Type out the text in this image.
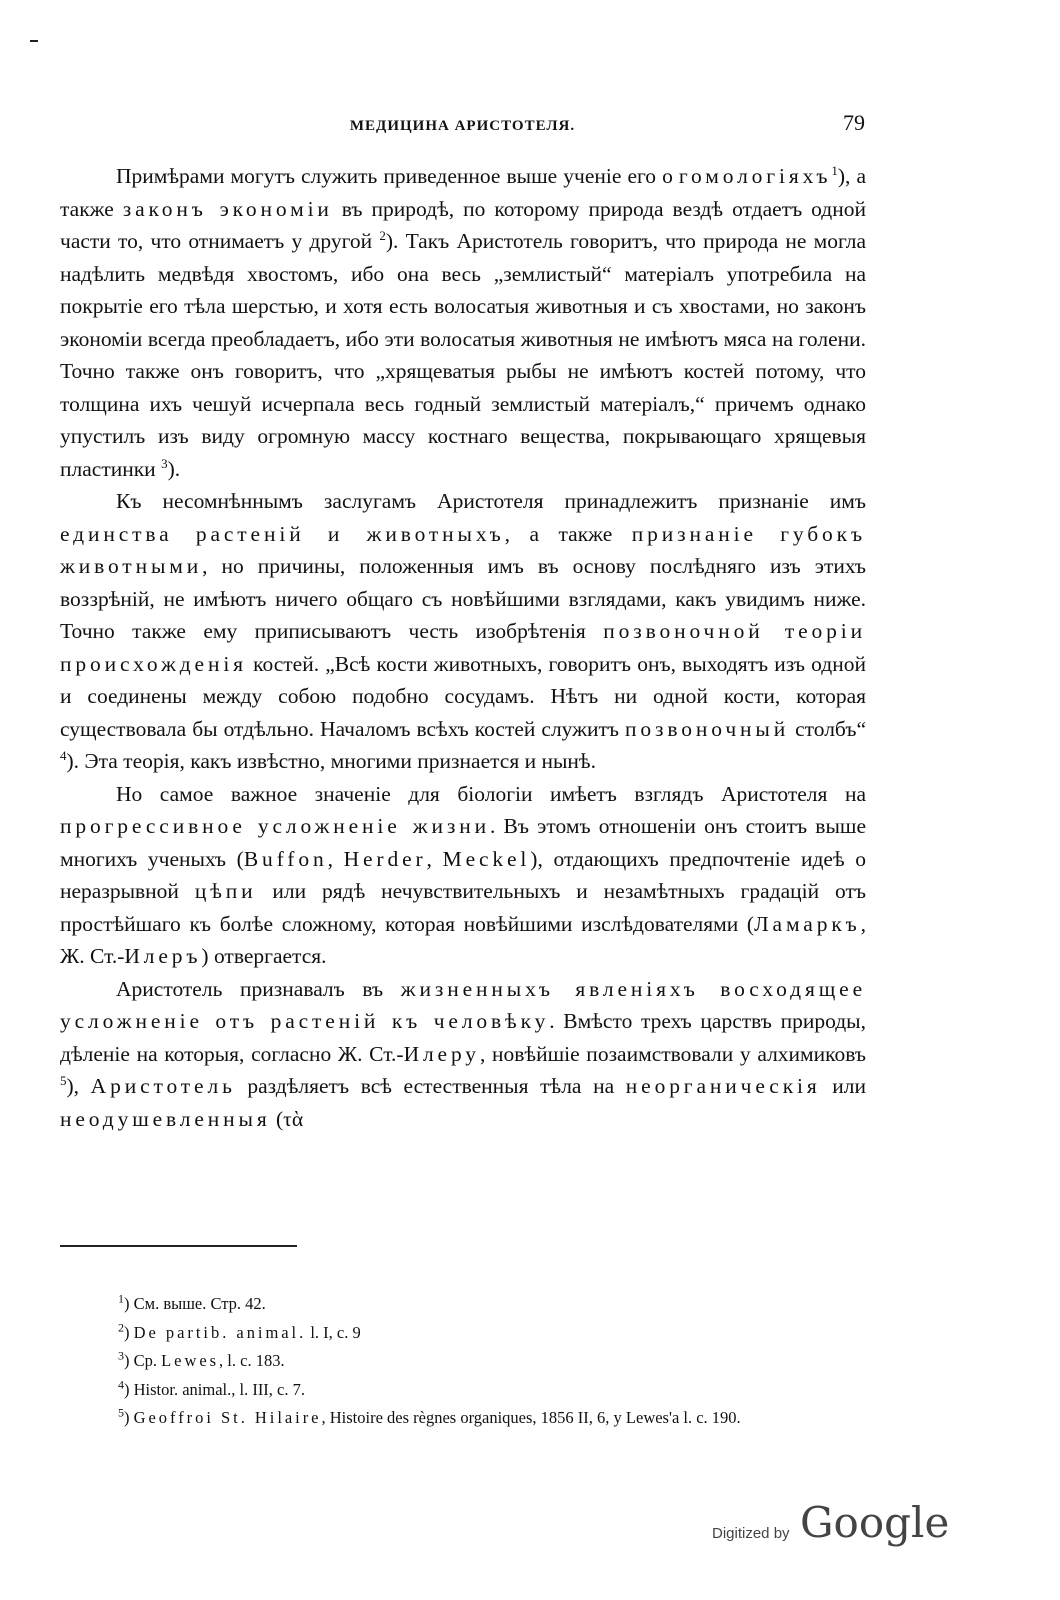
МЕДИЦИНА АРИСТОТЕЛЯ.	79

Примѣрами могутъ служить приведенное выше ученіе его о гомологіяхъ$^1$), а также законъ экономіи въ природѣ, по которому природа вездѣ отдаетъ одной части то, что отнимаетъ у другой $^2$). Такъ Аристотель говоритъ, что природа не могла надѣлить медвѣдя хвостомъ, ибо она весь „землистый“ матеріалъ употребила на покрытіе его тѣла шерстью, и хотя есть волосатыя животныя и съ хвостами, но законъ экономіи всегда преобладаетъ, ибо эти волосатыя животныя не имѣютъ мяса на голени. Точно также онъ говоритъ, что „хрящеватыя рыбы не имѣютъ костей потому, что толщина ихъ чешуй исчерпала весь годный землистый матеріалъ,“ причемъ однако упустилъ изъ виду огромную массу костнаго вещества, покрывающаго хрящевыя пластинки $^3$).

Къ несомнѣннымъ заслугамъ Аристотеля принадлежитъ признаніе имъ единства растеній и животныхъ, а также признаніе губокъ животными, но причины, положенныя имъ въ основу послѣдняго изъ этихъ воззрѣній, не имѣютъ ничего общаго съ новѣйшими взглядами, какъ увидимъ ниже. Точно также ему приписываютъ честь изобрѣтенія позвоночной теоріи происхожденія костей. „Всѣ кости животныхъ, говоритъ онъ, выходятъ изъ одной и соединены между собою подобно сосудамъ. Нѣтъ ни одной кости, которая существовала бы отдѣльно. Началомъ всѣхъ костей служитъ позвоночный столбъ“ $^4$). Эта теорія, какъ извѣстно, многими признается и нынѣ.

Но самое важное значеніе для біологіи имѣетъ взглядъ Аристотеля на прогрессивное усложненіе жизни. Въ этомъ отношеніи онъ стоитъ выше многихъ ученыхъ (Buffon, Herder, Meckel), отдающихъ предпочтеніе идеѣ о неразрывной цѣпи или рядѣ нечувствительныхъ и незамѣтныхъ градацій отъ простѣйшаго къ болѣе сложному, которая новѣйшими изслѣдователями (Ламаркъ, Ж. Ст.-Илеръ) отвергается.

Аристотель признавалъ въ жизненныхъ явленіяхъ восходящее усложненіе отъ растеній къ человѣку. Вмѣсто трехъ царствъ природы, дѣленіе на которыя, согласно Ж. Ст.-Илеру, новѣйшіе позаимствовали у алхимиковъ $^5$), Аристотель раздѣляетъ всѣ естественныя тѣла на неорганическія или неодушевленныя (τὰ

$^1$) См. выше. Стр. 42.

$^2$) De partib. animal. l. I, c. 9

$^3$) Ср. Lewes, l. c. 183.

$^4$) Histor. animal., l. III, c. 7.

$^5$) Geoffroi St. Hilaire, Histoire des règnes organiques, 1856 II, 6, y Lewes'a l. c. 190.

Digitized by Google
